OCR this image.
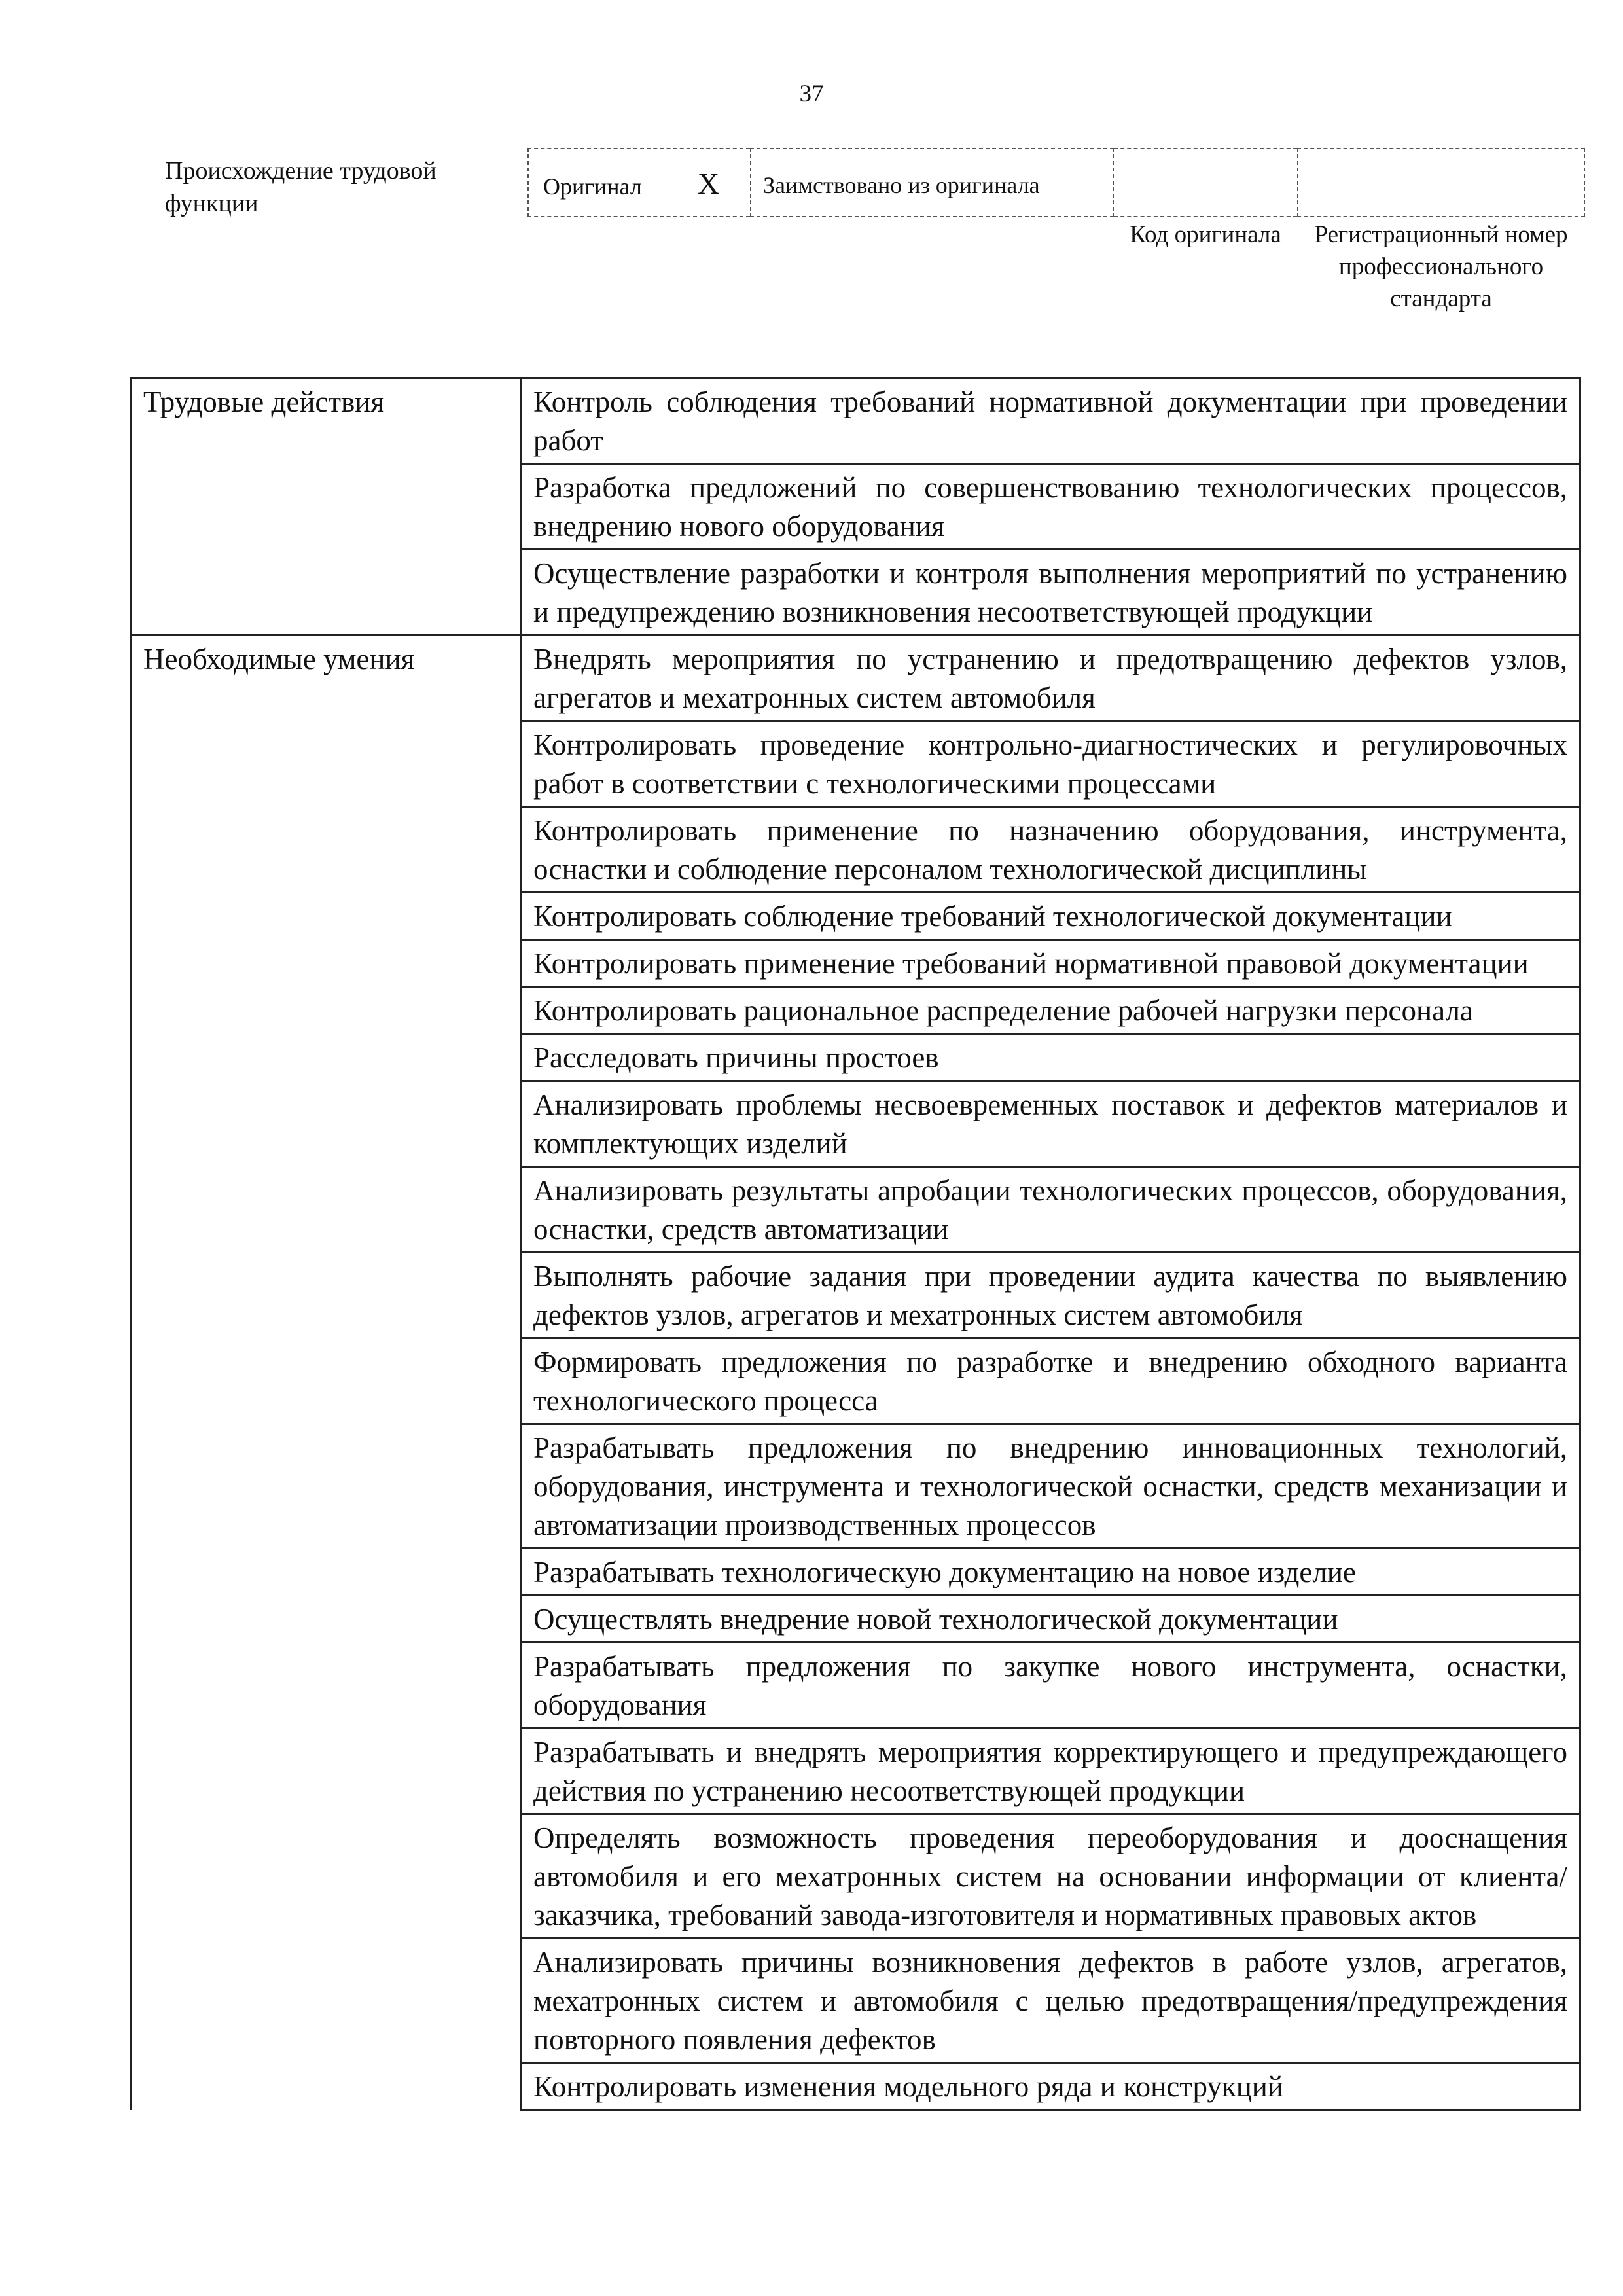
37
Происхождение трудовой функции
Оригинал X Заимствовано из оригинала
Код оригинала	Регистрационный номер профессионального стандарта
Трудовые действия	Контроль соблюдения требований нормативной документации при проведении работ
	Разработка предложений по совершенствованию технологических процессов, внедрению нового оборудования
	Осуществление разработки и контроля выполнения мероприятий по устранению и предупреждению возникновения несоответствующей продукции
Необходимые умения	Внедрять мероприятия по устранению и предотвращению дефектов узлов, агрегатов и мехатронных систем автомобиля
	Контролировать проведение контрольно-диагностических и регулировочных работ в соответствии с технологическими процессами
	Контролировать применение по назначению оборудования, инструмента, оснастки и соблюдение персоналом технологической дисциплины
	Контролировать соблюдение требований технологической документации
	Контролировать применение требований нормативной правовой документации
	Контролировать рациональное распределение рабочей нагрузки персонала
	Расследовать причины простоев
	Анализировать проблемы несвоевременных поставок и дефектов материалов и комплектующих изделий
	Анализировать результаты апробации технологических процессов, оборудования, оснастки, средств автоматизации
	Выполнять рабочие задания при проведении аудита качества по выявлению дефектов узлов, агрегатов и мехатронных систем автомобиля
	Формировать предложения по разработке и внедрению обходного варианта технологического процесса
	Разрабатывать предложения по внедрению инновационных технологий, оборудования, инструмента и технологической оснастки, средств механизации и автоматизации производственных процессов
	Разрабатывать технологическую документацию на новое изделие
	Осуществлять внедрение новой технологической документации
	Разрабатывать предложения по закупке нового инструмента, оснастки, оборудования
	Разрабатывать и внедрять мероприятия корректирующего и предупреждающего действия по устранению несоответствующей продукции
	Определять возможность проведения переоборудования и дооснащения автомобиля и его мехатронных систем на основании информации от клиента/заказчика, требований завода-изготовителя и нормативных правовых актов
	Анализировать причины возникновения дефектов в работе узлов, агрегатов, мехатронных систем и автомобиля с целью предотвращения/предупреждения повторного появления дефектов
	Контролировать изменения модельного ряда и конструкций
